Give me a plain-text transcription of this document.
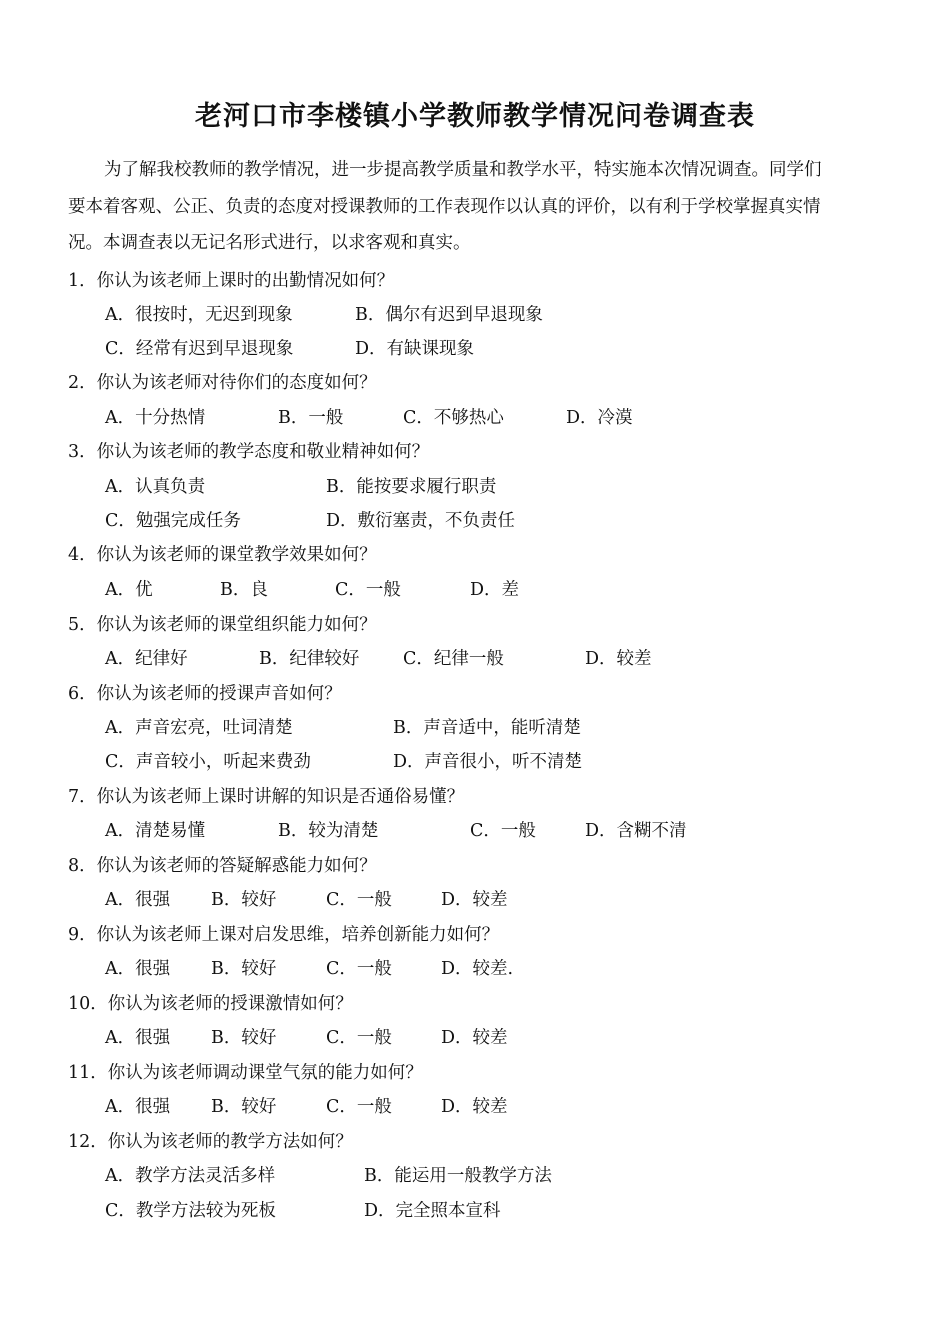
老河口市李楼镇小学教师教学情况问卷调查表
为了解我校教师的教学情况，进一步提高教学质量和教学水平，特实施本次情况调查。同学们
要本着客观、公正、负责的态度对授课教师的工作表现作以认真的评价，以有利于学校掌握真实情
况。本调查表以无记名形式进行，以求客观和真实。
1．你认为该老师上课时的出勤情况如何？
A．很按时，无迟到现象	B．偶尔有迟到早退现象
C．经常有迟到早退现象	D．有缺课现象
2．你认为该老师对待你们的态度如何？
A．十分热情	B．一般	C．不够热心	D．冷漠
3．你认为该老师的教学态度和敬业精神如何？
A．认真负责	B．能按要求履行职责
C．勉强完成任务	D．敷衍塞责，不负责任
4．你认为该老师的课堂教学效果如何？
A．优	B．良	C．一般	D．差
5．你认为该老师的课堂组织能力如何？
A．纪律好	B．纪律较好 C．纪律一般	D．较差
6．你认为该老师的授课声音如何？
A．声音宏亮，吐词清楚	B．声音适中，能听清楚
C．声音较小，听起来费劲	D．声音很小，听不清楚
7．你认为该老师上课时讲解的知识是否通俗易懂？
A．清楚易懂	B．较为清楚	C．一般	D．含糊不清
8．你认为该老师的答疑解惑能力如何？
A．很强 B．较好	C．一般	D．较差
9．你认为该老师上课对启发思维，培养创新能力如何？
A．很强 B．较好	C．一般	D．较差.
10．你认为该老师的授课激情如何？
A．很强 B．较好	C．一般	D．较差
11．你认为该老师调动课堂气氛的能力如何？
A．很强 B．较好	C．一般	D．较差
12．你认为该老师的教学方法如何？
A．教学方法灵活多样	B．能运用一般教学方法
C．教学方法较为死板	D．完全照本宣科
